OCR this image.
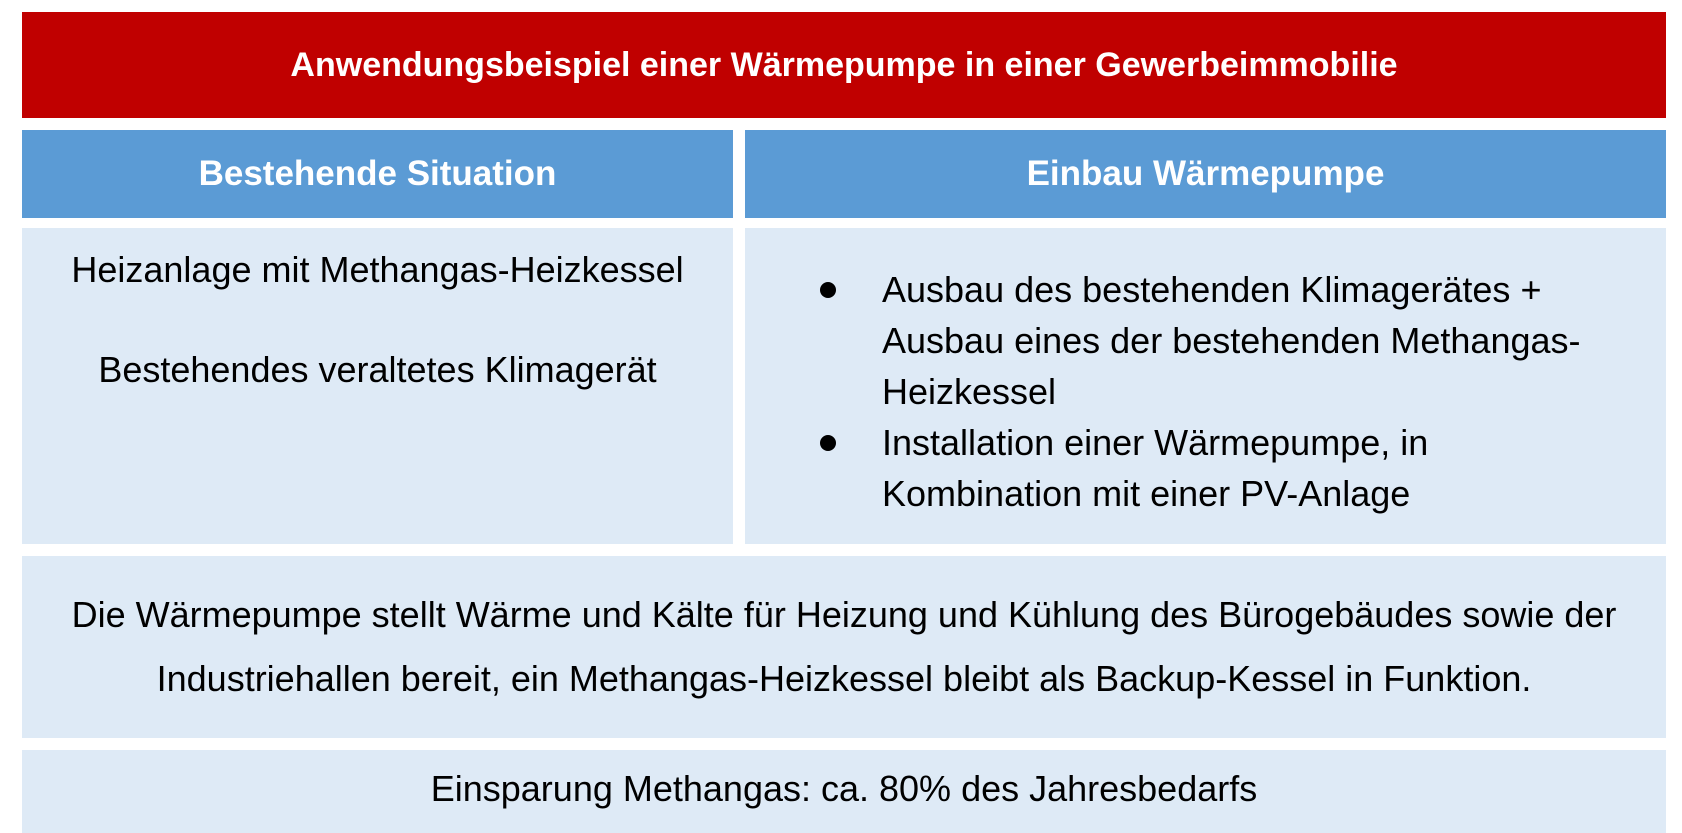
Anwendungsbeispiel einer Wärmepumpe in einer Gewerbeimmobilie
Bestehende Situation	Einbau Wärmepumpe
Heizanlage mit Methangas-Heizkessel
Bestehendes veraltetes Klimagerät
Ausbau des bestehenden Klimagerätes + Ausbau eines der bestehenden Methangas-Heizkessel
Installation einer Wärmepumpe, in Kombination mit einer PV-Anlage
Die Wärmepumpe stellt Wärme und Kälte für Heizung und Kühlung des Bürogebäudes sowie der Industriehallen bereit, ein Methangas-Heizkessel bleibt als Backup-Kessel in Funktion.
Einsparung Methangas: ca. 80% des Jahresbedarfs
